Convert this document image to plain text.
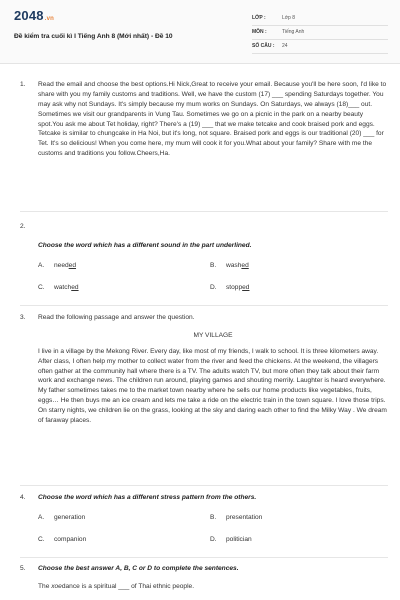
2048.vn
Đề kiểm tra cuối kì I Tiếng Anh 8 (Mới nhất) - Đề 10
LỚP :	Lớp 8
MÔN :	Tiếng Anh
SỐ CÂU :	24
1. Read the email and choose the best options.Hi Nick,Great to receive your email. Because you'll be here soon, I'd like to share with you my family customs and traditions. Well, we have the custom (17) ___ spending Saturdays together. You may ask why not Sundays. It's simply because my mum works on Sundays. On Saturdays, we always (18)___ out. Sometimes we visit our grandparents in Vung Tau. Sometimes we go on a picnic in the park on a nearby beauty spot.You ask me about Tet holiday, right? There's a (19) ___ that we make tetcake and cook braised pork and eggs. Tetcake is similar to chungcake in Ha Noi, but it's long, not square. Braised pork and eggs is our traditional (20) ___ for Tet. It's so delicious! When you come here, my mum will cook it for you.What about your family? Share with me the customs and traditions you follow.Cheers,Ha.
2.
Choose the word which has a different sound in the part underlined.
A.	needed	B.	washed
C.	watched	D.	stopped
3. Read the following passage and answer the question.
MY VILLAGE
I live in a village by the Mekong River. Every day, like most of my friends, I walk to school. It is three kilometers away. After class, I often help my mother to collect water from the river and feed the chickens. At the weekend, the villagers often gather at the community hall where there is a TV. The adults watch TV, but more often they talk about their farm work and exchange news. The children run around, playing games and shouting merrily. Laughter is heard everywhere. My father sometimes takes me to the market town nearby where he sells our home products like vegetables, fruits, eggs… He then buys me an ice cream and lets me take a ride on the electric train in the town square. I love those trips. On starry nights, we children lie on the grass, looking at the sky and daring each other to find the Milky Way . We dream of faraway places.
4. Choose the word which has a different stress pattern from the others.
A.	generation	B.	presentation
C.	companion	D.	politician
5. Choose the best answer A, B, C or D to complete the sentences.
The xoedance is a spiritual ___ of Thai ethnic people.
